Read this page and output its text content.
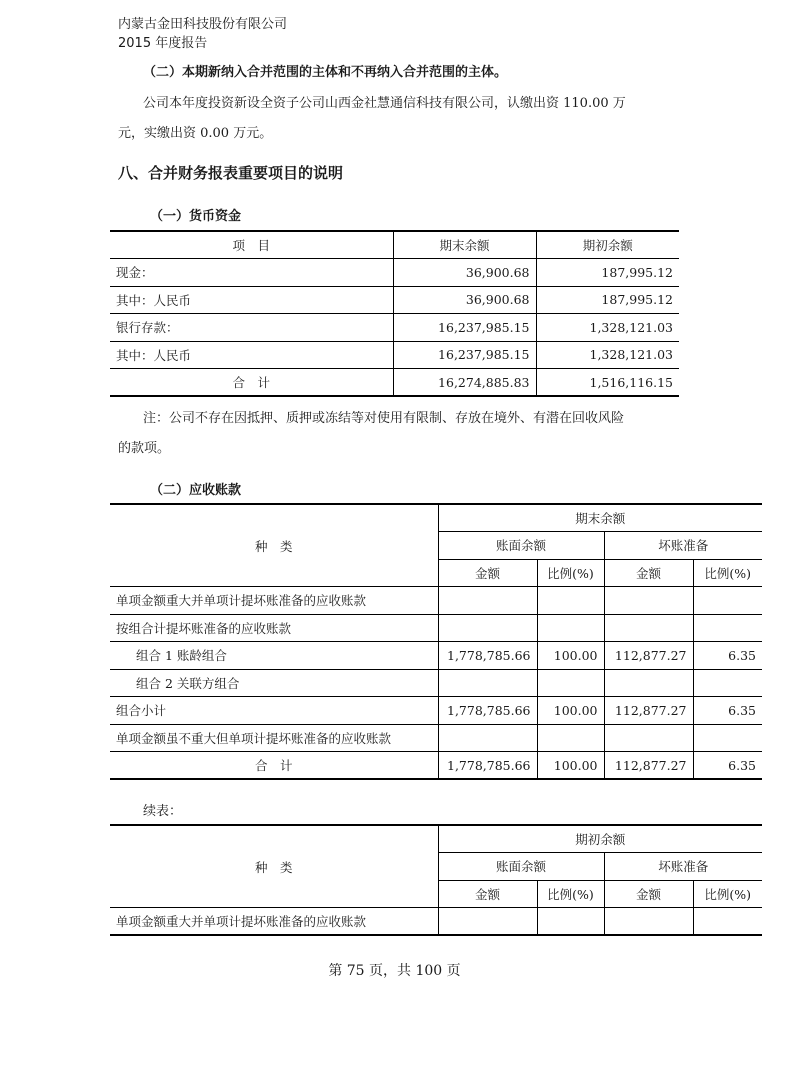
内蒙古金田科技股份有限公司
2015 年度报告
（二）本期新纳入合并范围的主体和不再纳入合并范围的主体。
公司本年度投资新设全资子公司山西金社慧通信科技有限公司，认缴出资 110.00 万
元，实缴出资 0.00 万元。
八、合并财务报表重要项目的说明
（一）货币资金
项　目	期末余额	期初余额
现金：	36,900.68	187,995.12
其中：人民币	36,900.68	187,995.12
银行存款：	16,237,985.15	1,328,121.03
其中：人民币	16,237,985.15	1,328,121.03
合　计	16,274,885.83	1,516,116.15
注：公司不存在因抵押、质押或冻结等对使用有限制、存放在境外、有潜在回收风险
的款项。
（二）应收账款
种　类	期末余额			
	账面余额		坏账准备	
	金额	比例(%)	金额	比例(%)
单项金额重大并单项计提坏账准备的应收账款				
按组合计提坏账准备的应收账款				
组合 1 账龄组合	1,778,785.66	100.00	112,877.27	6.35
组合 2 关联方组合				
组合小计	1,778,785.66	100.00	112,877.27	6.35
单项金额虽不重大但单项计提坏账准备的应收账款				
合　计	1,778,785.66	100.00	112,877.27	6.35
续表：
种　类	期初余额			
	账面余额		坏账准备	
	金额	比例(%)	金额	比例(%)
单项金额重大并单项计提坏账准备的应收账款				
第 75 页，共 100 页
